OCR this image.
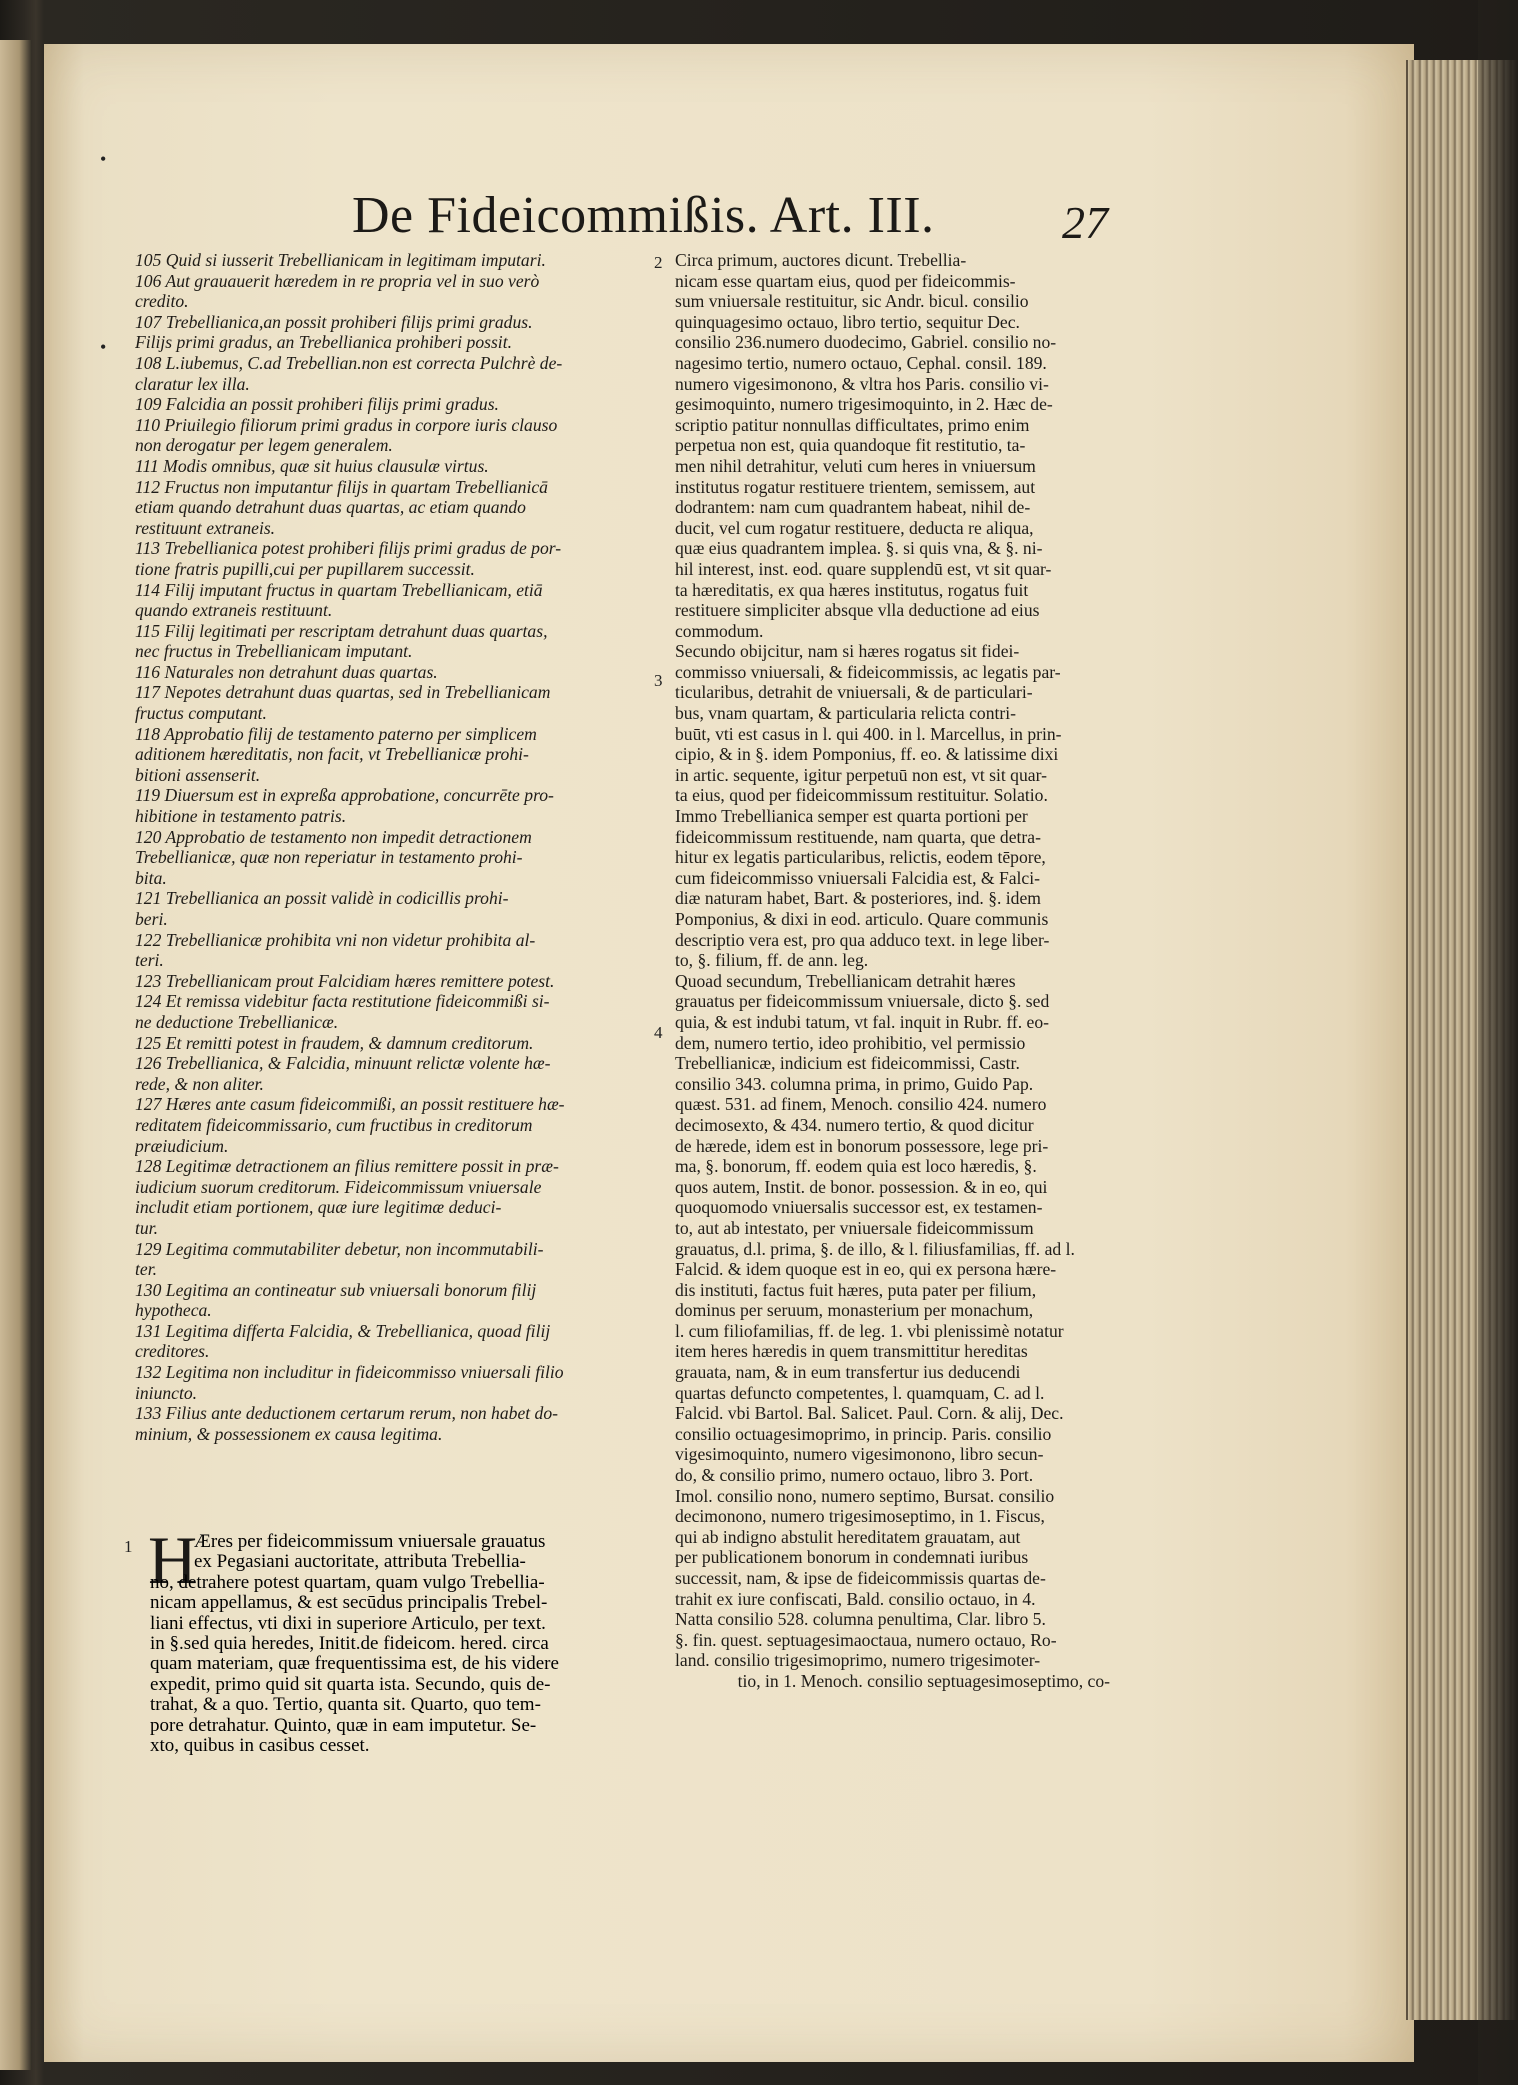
•
•
De Fideicommißis. Art. III.	27
105 Quid si iusserit Trebellianicam in legitimam imputari.
106 Aut grauauerit hæredem in re propria vel in suo verò
credito.
107 Trebellianica,an possit prohiberi filijs primi gradus.
Filijs primi gradus, an Trebellianica prohiberi possit.
108 L.iubemus, C.ad Trebellian.non est correcta Pulchrè de-
claratur lex illa.
109 Falcidia an possit prohiberi filijs primi gradus.
110 Priuilegio filiorum primi gradus in corpore iuris clauso
non derogatur per legem generalem.
111 Modis omnibus, quæ sit huius clausulæ virtus.
112 Fructus non imputantur filijs in quartam Trebellianicā
etiam quando detrahunt duas quartas, ac etiam quando
restituunt extraneis.
113 Trebellianica potest prohiberi filijs primi gradus de por-
tione fratris pupilli,cui per pupillarem successit.
114 Filij imputant fructus in quartam Trebellianicam, etiā
quando extraneis restituunt.
115 Filij legitimati per rescriptam detrahunt duas quartas,
nec fructus in Trebellianicam imputant.
116 Naturales non detrahunt duas quartas.
117 Nepotes detrahunt duas quartas, sed in Trebellianicam
fructus computant.
118 Approbatio filij de testamento paterno per simplicem
aditionem hæreditatis, non facit, vt Trebellianicæ prohi-
bitioni assenserit.
119 Diuersum est in expreßa approbatione, concurrēte pro-
hibitione in testamento patris.
120 Approbatio de testamento non impedit detractionem
Trebellianicæ, quæ non reperiatur in testamento prohi-
bita.
121 Trebellianica an possit validè in codicillis prohi-
beri.
122 Trebellianicæ prohibita vni non videtur prohibita al-
teri.
123 Trebellianicam prout Falcidiam hæres remittere potest.
124 Et remissa videbitur facta restitutione fideicommißi si-
ne deductione Trebellianicæ.
125 Et remitti potest in fraudem, & damnum creditorum.
126 Trebellianica, & Falcidia, minuunt relictæ volente hæ-
rede, & non aliter.
127 Hæres ante casum fideicommißi, an possit restituere hæ-
reditatem fideicommissario, cum fructibus in creditorum
præiudicium.
128 Legitimæ detractionem an filius remittere possit in præ-
iudicium suorum creditorum. Fideicommissum vniuersale
includit etiam portionem, quæ iure legitimæ deduci-
tur.
129 Legitima commutabiliter debetur, non incommutabili-
ter.
130 Legitima an contineatur sub vniuersali bonorum filij
hypotheca.
131 Legitima differta Falcidia, & Trebellianica, quoad filij
creditores.
132 Legitima non includitur in fideicommisso vniuersali filio
iniuncto.
133 Filius ante deductionem certarum rerum, non habet do-
minium, & possessionem ex causa legitima.
1 H
Æres per fideicommissum vniuersale grauatus
ex Pegasiani auctoritate, attributa Trebellia-
no, detrahere potest quartam, quam vulgo Trebellia-
nicam appellamus, & est secūdus principalis Trebel-
liani effectus, vti dixi in superiore Articulo, per text.
in §.sed quia heredes, Initit.de fideicom. hered. circa
quam materiam, quæ frequentissima est, de his videre
expedit, primo quid sit quarta ista. Secundo, quis de-
trahat, & a quo. Tertio, quanta sit. Quarto, quo tem-
pore detrahatur. Quinto, quæ in eam imputetur. Se-
xto, quibus in casibus cesset.
2
3
4
Circa primum, auctores dicunt. Trebellia-
nicam esse quartam eius, quod per fideicommis-
sum vniuersale restituitur, sic Andr. bicul. consilio
quinquagesimo octauo, libro tertio, sequitur Dec.
consilio 236.numero duodecimo, Gabriel. consilio no-
nagesimo tertio, numero octauo, Cephal. consil. 189.
numero vigesimonono, & vltra hos Paris. consilio vi-
gesimoquinto, numero trigesimoquinto, in 2. Hæc de-
scriptio patitur nonnullas difficultates, primo enim
perpetua non est, quia quandoque fit restitutio, ta-
men nihil detrahitur, veluti cum heres in vniuersum
institutus rogatur restituere trientem, semissem, aut
dodrantem: nam cum quadrantem habeat, nihil de-
ducit, vel cum rogatur restituere, deducta re aliqua,
quæ eius quadrantem implea. §. si quis vna, & §. ni-
hil interest, inst. eod. quare supplendū est, vt sit quar-
ta hæreditatis, ex qua hæres institutus, rogatus fuit
restituere simpliciter absque vlla deductione ad eius
commodum.
Secundo obijcitur, nam si hæres rogatus sit fidei-
commisso vniuersali, & fideicommissis, ac legatis par-
ticularibus, detrahit de vniuersali, & de particulari-
bus, vnam quartam, & particularia relicta contri-
buūt, vti est casus in l. qui 400. in l. Marcellus, in prin-
cipio, & in §. idem Pomponius, ff. eo. & latissime dixi
in artic. sequente, igitur perpetuū non est, vt sit quar-
ta eius, quod per fideicommissum restituitur. Solatio.
Immo Trebellianica semper est quarta portioni per
fideicommissum restituende, nam quarta, que detra-
hitur ex legatis particularibus, relictis, eodem tēpore,
cum fideicommisso vniuersali Falcidia est, & Falci-
diæ naturam habet, Bart. & posteriores, ind. §. idem
Pomponius, & dixi in eod. articulo. Quare communis
descriptio vera est, pro qua adduco text. in lege liber-
to, §. filium, ff. de ann. leg.
Quoad secundum, Trebellianicam detrahit hæres
grauatus per fideicommissum vniuersale, dicto §. sed
quia, & est indubi tatum, vt fal. inquit in Rubr. ff. eo-
dem, numero tertio, ideo prohibitio, vel permissio
Trebellianicæ, indicium est fideicommissi, Castr.
consilio 343. columna prima, in primo, Guido Pap.
quæst. 531. ad finem, Menoch. consilio 424. numero
decimosexto, & 434. numero tertio, & quod dicitur
de hærede, idem est in bonorum possessore, lege pri-
ma, §. bonorum, ff. eodem quia est loco hæredis, §.
quos autem, Instit. de bonor. possession. & in eo, qui
quoquomodo vniuersalis successor est, ex testamen-
to, aut ab intestato, per vniuersale fideicommissum
grauatus, d.l. prima, §. de illo, & l. filiusfamilias, ff. ad l.
Falcid. & idem quoque est in eo, qui ex persona hære-
dis instituti, factus fuit hæres, puta pater per filium,
dominus per seruum, monasterium per monachum,
l. cum filiofamilias, ff. de leg. 1. vbi plenissimè notatur
item heres hæredis in quem transmittitur hereditas
grauata, nam, & in eum transfertur ius deducendi
quartas defuncto competentes, l. quamquam, C. ad l.
Falcid. vbi Bartol. Bal. Salicet. Paul. Corn. & alij, Dec.
consilio octuagesimoprimo, in princip. Paris. consilio
vigesimoquinto, numero vigesimonono, libro secun-
do, & consilio primo, numero octauo, libro 3. Port.
Imol. consilio nono, numero septimo, Bursat. consilio
decimonono, numero trigesimoseptimo, in 1. Fiscus,
qui ab indigno abstulit hereditatem grauatam, aut
per publicationem bonorum in condemnati iuribus
successit, nam, & ipse de fideicommissis quartas de-
trahit ex iure confiscati, Bald. consilio octauo, in 4.
Natta consilio 528. columna penultima, Clar. libro 5.
§. fin. quest. septuagesimaoctaua, numero octauo, Ro-
land. consilio trigesimoprimo, numero trigesimoter-
tio, in 1. Menoch. consilio septuagesimoseptimo, co-
